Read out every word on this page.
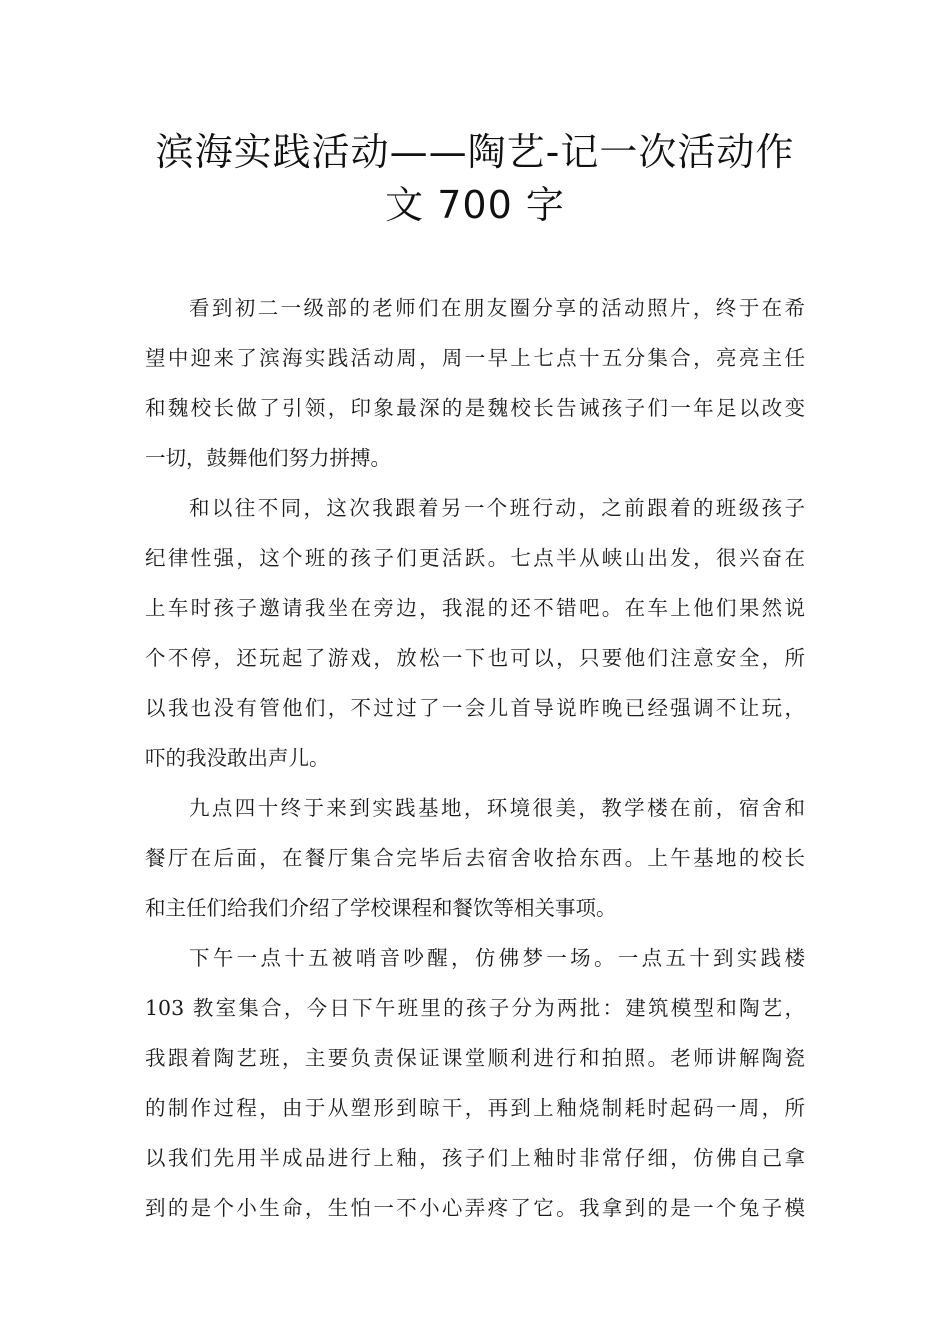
滨海实践活动——陶艺-记一次活动作
文 700 字
看到初二一级部的老师们在朋友圈分享的活动照片，终于在希
望中迎来了滨海实践活动周，周一早上七点十五分集合，亮亮主任
和魏校长做了引领，印象最深的是魏校长告诫孩子们一年足以改变
一切，鼓舞他们努力拼搏。
和以往不同，这次我跟着另一个班行动，之前跟着的班级孩子
纪律性强，这个班的孩子们更活跃。七点半从峡山出发，很兴奋在
上车时孩子邀请我坐在旁边，我混的还不错吧。在车上他们果然说
个不停，还玩起了游戏，放松一下也可以，只要他们注意安全，所
以我也没有管他们，不过过了一会儿首导说昨晚已经强调不让玩，
吓的我没敢出声儿。
九点四十终于来到实践基地，环境很美，教学楼在前，宿舍和
餐厅在后面，在餐厅集合完毕后去宿舍收拾东西。上午基地的校长
和主任们给我们介绍了学校课程和餐饮等相关事项。
下午一点十五被哨音吵醒，仿佛梦一场。一点五十到实践楼
103 教室集合，今日下午班里的孩子分为两批：建筑模型和陶艺，
我跟着陶艺班，主要负责保证课堂顺利进行和拍照。老师讲解陶瓷
的制作过程，由于从塑形到晾干，再到上釉烧制耗时起码一周，所
以我们先用半成品进行上釉，孩子们上釉时非常仔细，仿佛自己拿
到的是个小生命，生怕一不小心弄疼了它。我拿到的是一个兔子模
